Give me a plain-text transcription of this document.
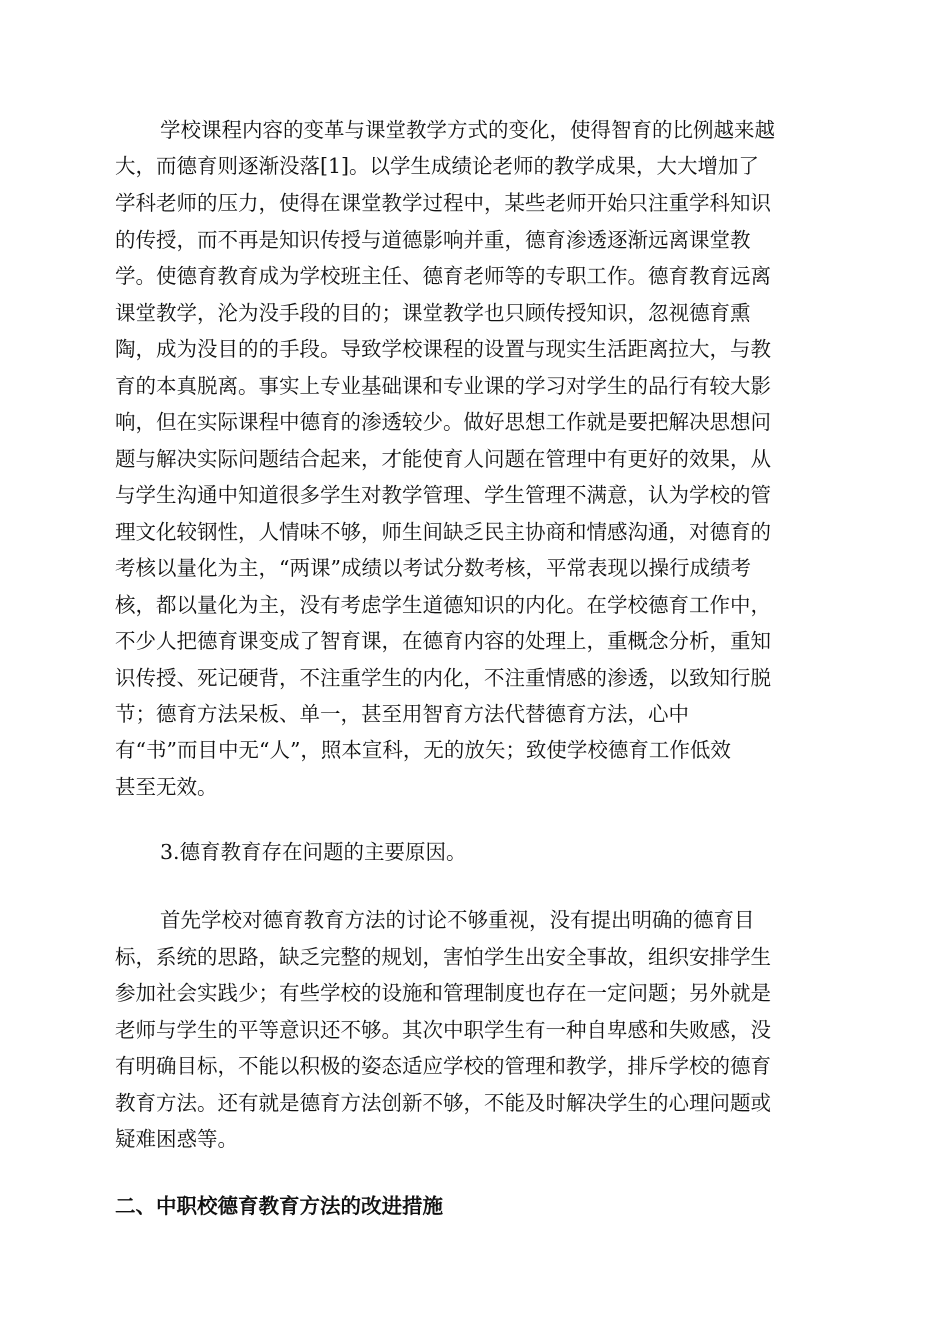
学校课程内容的变革与课堂教学方式的变化，使得智育的比例越来越

大，而德育则逐渐没落[1]。以学生成绩论老师的教学成果，大大增加了

学科老师的压力，使得在课堂教学过程中，某些老师开始只注重学科知识

的传授，而不再是知识传授与道德影响并重，德育渗透逐渐远离课堂教

学。使德育教育成为学校班主任、德育老师等的专职工作。德育教育远离

课堂教学，沦为没手段的目的；课堂教学也只顾传授知识，忽视德育熏

陶，成为没目的的手段。导致学校课程的设置与现实生活距离拉大，与教

育的本真脱离。事实上专业基础课和专业课的学习对学生的品行有较大影

响，但在实际课程中德育的渗透较少。做好思想工作就是要把解决思想问

题与解决实际问题结合起来，才能使育人问题在管理中有更好的效果，从

与学生沟通中知道很多学生对教学管理、学生管理不满意，认为学校的管

理文化较钢性，人情味不够，师生间缺乏民主协商和情感沟通，对德育的

考核以量化为主，“两课”成绩以考试分数考核，平常表现以操行成绩考

核，都以量化为主，没有考虑学生道德知识的内化。在学校德育工作中，

不少人把德育课变成了智育课，在德育内容的处理上，重概念分析，重知

识传授、死记硬背，不注重学生的内化，不注重情感的渗透，以致知行脱

节；德育方法呆板、单一，甚至用智育方法代替德育方法，心中

有“书”而目中无“人”，照本宣科，无的放矢；致使学校德育工作低效

甚至无效。

3.德育教育存在问题的主要原因。

首先学校对德育教育方法的讨论不够重视，没有提出明确的德育目

标，系统的思路，缺乏完整的规划，害怕学生出安全事故，组织安排学生

参加社会实践少；有些学校的设施和管理制度也存在一定问题；另外就是

老师与学生的平等意识还不够。其次中职学生有一种自卑感和失败感，没

有明确目标，不能以积极的姿态适应学校的管理和教学，排斥学校的德育

教育方法。还有就是德育方法创新不够，不能及时解决学生的心理问题或

疑难困惑等。

二、中职校德育教育方法的改进措施
